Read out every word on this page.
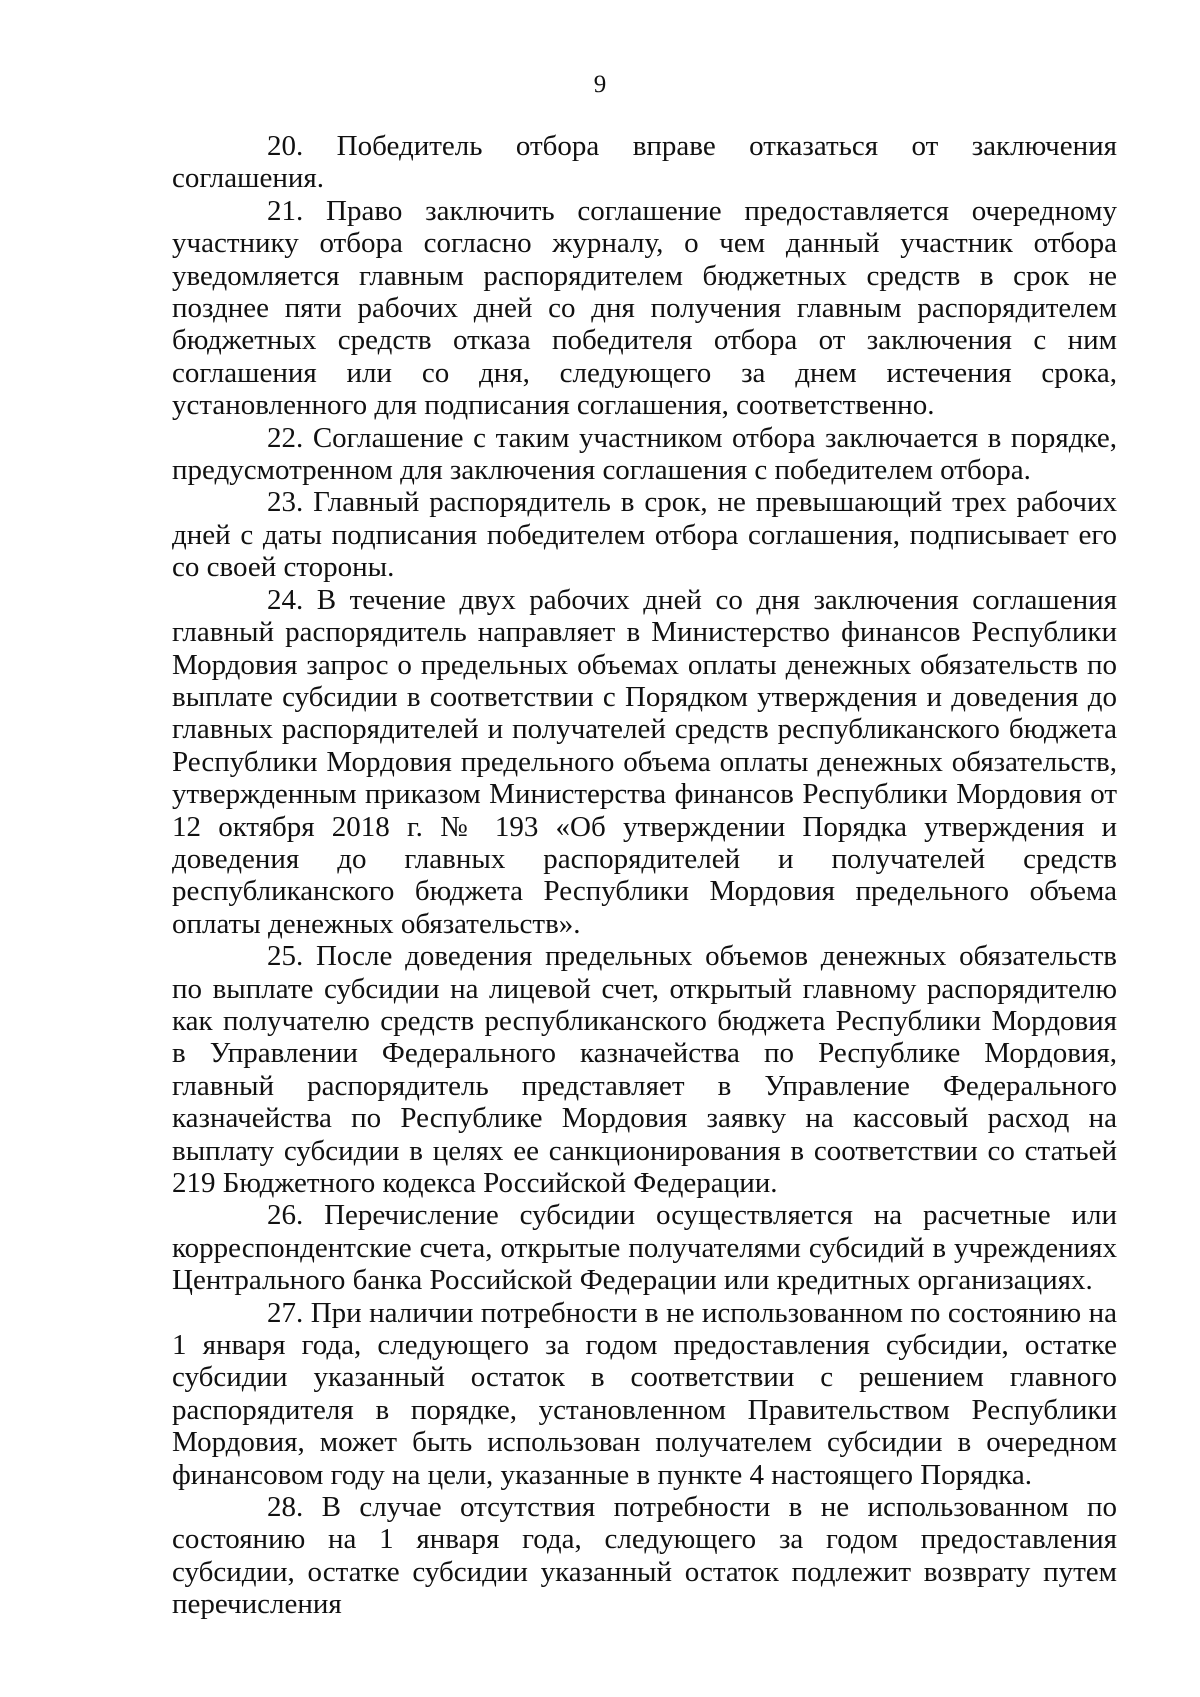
9

20. Победитель отбора вправе отказаться от заключения соглашения.

21. Право заключить соглашение предоставляется очередному участнику отбора согласно журналу, о чем данный участник отбора уведомляется главным распорядителем бюджетных средств в срок не позднее пяти рабочих дней со дня получения главным распорядителем бюджетных средств отказа победителя отбора от заключения с ним соглашения или со дня, следующего за днем истечения срока, установленного для подписания соглашения, соответственно.

22. Соглашение с таким участником отбора заключается в порядке, предусмотренном для заключения соглашения с победителем отбора.

23. Главный распорядитель в срок, не превышающий трех рабочих дней с даты подписания победителем отбора соглашения, подписывает его со своей стороны.

24. В течение двух рабочих дней со дня заключения соглашения главный распорядитель направляет в Министерство финансов Республики Мордовия запрос о предельных объемах оплаты денежных обязательств по выплате субсидии в соответствии с Порядком утверждения и доведения до главных распорядителей и получателей средств республиканского бюджета Республики Мордовия предельного объема оплаты денежных обязательств, утвержденным приказом Министерства финансов Республики Мордовия от 12 октября 2018 г. № 193 «Об утверждении Порядка утверждения и доведения до главных распорядителей и получателей средств республиканского бюджета Республики Мордовия предельного объема оплаты денежных обязательств».

25. После доведения предельных объемов денежных обязательств по выплате субсидии на лицевой счет, открытый главному распорядителю как получателю средств республиканского бюджета Республики Мордовия в Управлении Федерального казначейства по Республике Мордовия, главный распорядитель представляет в Управление Федерального казначейства по Республике Мордовия заявку на кассовый расход на выплату субсидии в целях ее санкционирования в соответствии со статьей 219 Бюджетного кодекса Российской Федерации.

26. Перечисление субсидии осуществляется на расчетные или корреспондентские счета, открытые получателями субсидий в учреждениях Центрального банка Российской Федерации или кредитных организациях.

27. При наличии потребности в не использованном по состоянию на 1 января года, следующего за годом предоставления субсидии, остатке субсидии указанный остаток в соответствии с решением главного распорядителя в порядке, установленном Правительством Республики Мордовия, может быть использован получателем субсидии в очередном финансовом году на цели, указанные в пункте 4 настоящего Порядка.

28. В случае отсутствия потребности в не использованном по состоянию на 1 января года, следующего за годом предоставления субсидии, остатке субсидии указанный остаток подлежит возврату путем перечисления
